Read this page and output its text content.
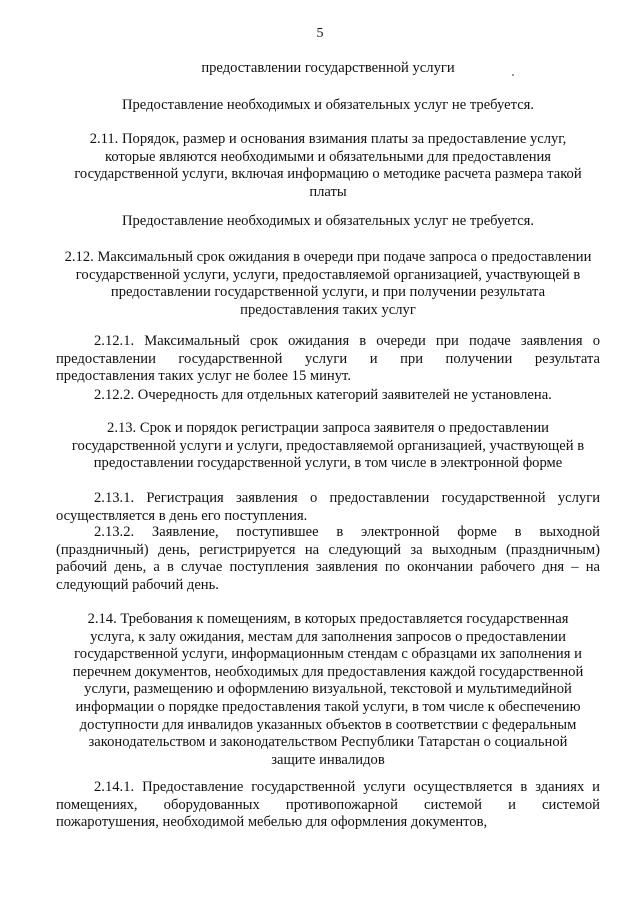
5
предоставлении государственной услуги
Предоставление необходимых и обязательных услуг не требуется.
2.11. Порядок, размер и основания взимания платы за предоставление услуг,
которые являются необходимыми и обязательными для предоставления
государственной услуги, включая информацию о методике расчета размера такой
платы
Предоставление необходимых и обязательных услуг не требуется.
2.12. Максимальный срок ожидания в очереди при подаче запроса о предоставлении
государственной услуги, услуги, предоставляемой организацией, участвующей в
предоставлении государственной услуги, и при получении результата
предоставления таких услуг
2.12.1. Максимальный срок ожидания в очереди при подаче заявления о
предоставлении государственной услуги и при получении результата
предоставления таких услуг не более 15 минут.
2.12.2. Очередность для отдельных категорий заявителей не установлена.
2.13. Срок и порядок регистрации запроса заявителя о предоставлении
государственной услуги и услуги, предоставляемой организацией, участвующей в
предоставлении государственной услуги, в том числе в электронной форме
2.13.1. Регистрация заявления о предоставлении государственной услуги
осуществляется в день его поступления.
2.13.2. Заявление, поступившее в электронной форме в выходной
(праздничный) день, регистрируется на следующий за выходным (праздничным)
рабочий день, а в случае поступления заявления по окончании рабочего дня – на
следующий рабочий день.
2.14. Требования к помещениям, в которых предоставляется государственная
услуга, к залу ожидания, местам для заполнения запросов о предоставлении
государственной услуги, информационным стендам с образцами их заполнения и
перечнем документов, необходимых для предоставления каждой государственной
услуги, размещению и оформлению визуальной, текстовой и мультимедийной
информации о порядке предоставления такой услуги, в том числе к обеспечению
доступности для инвалидов указанных объектов в соответствии с федеральным
законодательством и законодательством Республики Татарстан о социальной
защите инвалидов
2.14.1. Предоставление государственной услуги осуществляется в зданиях и
помещениях, оборудованных противопожарной системой и системой
пожаротушения, необходимой мебелью для оформления документов,
